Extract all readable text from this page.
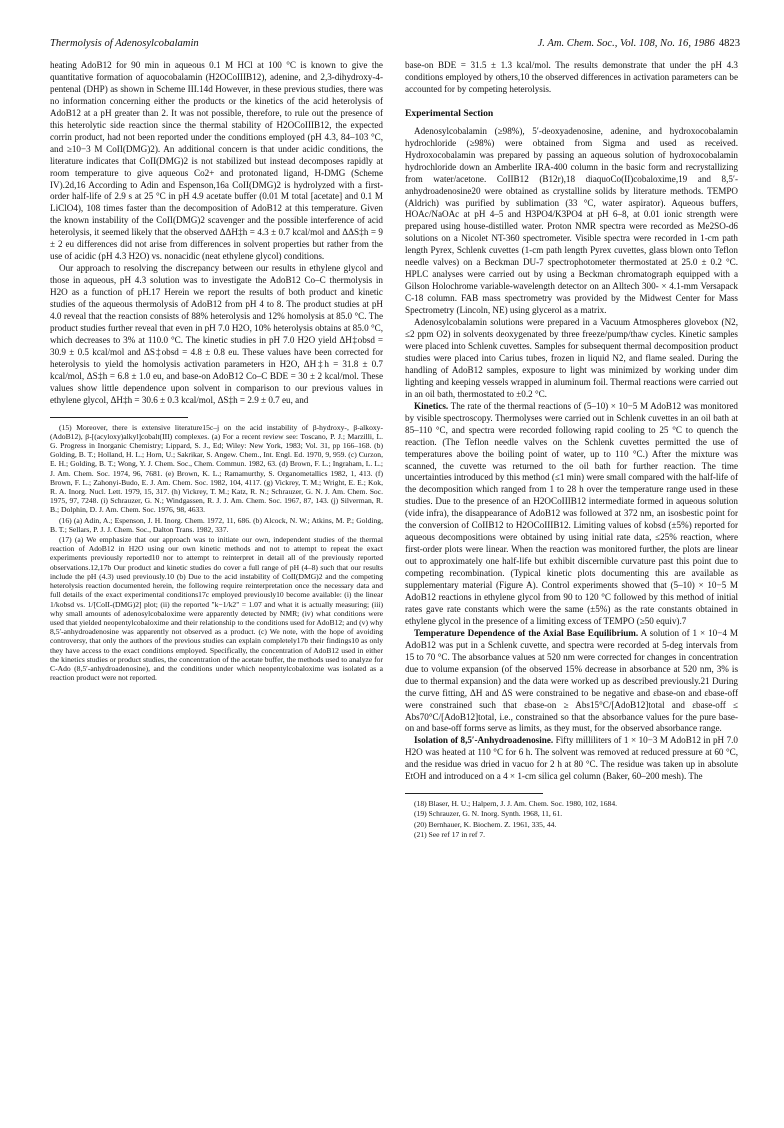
Thermolysis of Adenosylcobalamin	J. Am. Chem. Soc., Vol. 108, No. 16, 1986 4823

heating AdoB12 for 90 min in aqueous 0.1 M HCl at 100 °C is known to give the quantitative formation of aquocobalamin (H2OCoIIIB12), adenine, and 2,3-dihydroxy-4-pentenal (DHP) as shown in Scheme III.14d However, in these previous studies, there was no information concerning either the products or the kinetics of the acid heterolysis of AdoB12 at a pH greater than 2. It was not possible, therefore, to rule out the presence of this heterolytic side reaction since the thermal stability of H2OCoIIIB12, the expected corrin product, had not been reported under the conditions employed (pH 4.3, 84–103 °C, and ≥10−3 M CoII(DMG)2). An additional concern is that under acidic conditions, the literature indicates that CoII(DMG)2 is not stabilized but instead decomposes rapidly at room temperature to give aqueous Co2+ and protonated ligand, H-DMG (Scheme IV).2d,16 According to Adin and Espenson,16a CoII(DMG)2 is hydrolyzed with a first-order half-life of 2.9 s at 25 °C in pH 4.9 acetate buffer (0.01 M total [acetate] and 0.1 M LiClO4), 108 times faster than the decomposition of AdoB12 at this temperature. Given the known instability of the CoII(DMG)2 scavenger and the possible interference of acid heterolysis, it seemed likely that the observed ΔΔH‡h = 4.3 ± 0.7 kcal/mol and ΔΔS‡h = 9 ± 2 eu differences did not arise from differences in solvent properties but rather from the use of acidic (pH 4.3 H2O) vs. nonacidic (neat ethylene glycol) conditions.

Our approach to resolving the discrepancy between our results in ethylene glycol and those in aqueous, pH 4.3 solution was to investigate the AdoB12 Co–C thermolysis in H2O as a function of pH.17 Herein we report the results of both product and kinetic studies of the aqueous thermolysis of AdoB12 from pH 4 to 8. The product studies at pH 4.0 reveal that the reaction consists of 88% heterolysis and 12% homolysis at 85.0 °C. The product studies further reveal that even in pH 7.0 H2O, 10% heterolysis obtains at 85.0 °C, which decreases to 3% at 110.0 °C. The kinetic studies in pH 7.0 H2O yield ΔH‡obsd = 30.9 ± 0.5 kcal/mol and ΔS‡obsd = 4.8 ± 0.8 eu. These values have been corrected for heterolysis to yield the homolysis activation parameters in H2O, ΔH‡h = 31.8 ± 0.7 kcal/mol, ΔS‡h = 6.8 ± 1.0 eu, and base-on AdoB12 Co–C BDE = 30 ± 2 kcal/mol. These values show little dependence upon solvent in comparison to our previous values in ethylene glycol, ΔH‡h = 30.6 ± 0.3 kcal/mol, ΔS‡h = 2.9 ± 0.7 eu, and

(15) Moreover, there is extensive literature15c–j on the acid instability of β-hydroxy-, β-alkoxy- (AdoB12), β-[(acyloxy)alkyl]cobalt(III) complexes. (a) For a recent review see: Toscano, P. J.; Marzilli, L. G. Progress in Inorganic Chemistry; Lippard, S. J., Ed; Wiley: New York, 1983; Vol. 31, pp 166–168. (b) Golding, B. T.; Holland, H. L.; Horn, U.; Sakrikar, S. Angew. Chem., Int. Engl. Ed. 1970, 9, 959. (c) Curzon, E. H.; Golding, B. T.; Wong, Y. J. Chem. Soc., Chem. Commun. 1982, 63. (d) Brown, F. L.; Ingraham, L. L.; J. Am. Chem. Soc. 1974, 96, 7681. (e) Brown, K. L.; Ramamurthy, S. Organometallics 1982, 1, 413. (f) Brown, F. L.; Zahonyi-Budo, E. J. Am. Chem. Soc. 1982, 104, 4117. (g) Vickrey, T. M.; Wright, E. E.; Kok, R. A. Inorg. Nucl. Lett. 1979, 15, 317. (h) Vickrey, T. M.; Katz, R. N.; Schrauzer, G. N. J. Am. Chem. Soc. 1975, 97, 7248. (i) Schrauzer, G. N.; Windgassen, R. J. J. Am. Chem. Soc. 1967, 87, 143. (j) Silverman, R. B.; Dolphin, D. J. Am. Chem. Soc. 1976, 98, 4633.

(16) (a) Adin, A.; Espenson, J. H. Inorg. Chem. 1972, 11, 686. (b) Alcock, N. W.; Atkins, M. P.; Golding, B. T.; Sellars, P. J. J. Chem. Soc., Dalton Trans. 1982, 337.

(17) (a) We emphasize that our approach was to initiate our own, independent studies of the thermal reaction of AdoB12 in H2O using our own kinetic methods and not to attempt to repeat the exact experiments previously reported10 nor to attempt to reinterpret in detail all of the previously reported observations.12,17b Our product and kinetic studies do cover a full range of pH (4–8) such that our results include the pH (4.3) used previously.10 (b) Due to the acid instability of CoII(DMG)2 and the competing heterolysis reaction documented herein, the following require reinterpretation once the necessary data and full details of the exact experimental conditions17c employed previously10 become available: (i) the linear 1/kobsd vs. 1/[CoII-(DMG)2] plot; (ii) the reported "k−1/k2" = 1.07 and what it is actually measuring; (iii) why small amounts of adenosylcobaloxime were apparently detected by NMR; (iv) what conditions were used that yielded neopentylcobaloxime and their relationship to the conditions used for AdoB12; and (v) why 8,5′-anhydroadenosine was apparently not observed as a product. (c) We note, with the hope of avoiding controversy, that only the authors of the previous studies can explain completely17b their findings10 as only they have access to the exact conditions employed. Specifically, the concentration of AdoB12 used in either the kinetics studies or product studies, the concentration of the acetate buffer, the methods used to analyze for C-Ado (8,5′-anhydroadenosine), and the conditions under which neopentylcobaloxime was isolated as a reaction product were not reported.

base-on BDE = 31.5 ± 1.3 kcal/mol. The results demonstrate that under the pH 4.3 conditions employed by others,10 the observed differences in activation parameters can be accounted for by competing heterolysis.

Experimental Section

Adenosylcobalamin (≥98%), 5′-deoxyadenosine, adenine, and hydroxocobalamin hydrochloride (≥98%) were obtained from Sigma and used as received. Hydroxocobalamin was prepared by passing an aqueous solution of hydroxocobalamin hydrochloride down an Amberlite IRA-400 column in the basic form and recrystallizing from water/acetone. CoIIB12 (B12r),18 diaquoCo(II)cobaloxime,19 and 8,5′-anhydroadenosine20 were obtained as crystalline solids by literature methods. TEMPO (Aldrich) was purified by sublimation (33 °C, water aspirator). Aqueous buffers, HOAc/NaOAc at pH 4–5 and H3PO4/K3PO4 at pH 6–8, at 0.01 ionic strength were prepared using house-distilled water. Proton NMR spectra were recorded as Me2SO-d6 solutions on a Nicolet NT-360 spectrometer. Visible spectra were recorded in 1-cm path length Pyrex, Schlenk cuvettes (1-cm path length Pyrex cuvettes, glass blown onto Teflon needle valves) on a Beckman DU-7 spectrophotometer thermostated at 25.0 ± 0.2 °C. HPLC analyses were carried out by using a Beckman chromatograph equipped with a Gilson Holochrome variable-wavelength detector on an Alltech 300- × 4.1-mm Versapack C-18 column. FAB mass spectrometry was provided by the Midwest Center for Mass Spectrometry (Lincoln, NE) using glycerol as a matrix.

Adenosylcobalamin solutions were prepared in a Vacuum Atmospheres glovebox (N2, ≤2 ppm O2) in solvents deoxygenated by three freeze/pump/thaw cycles. Kinetic samples were placed into Schlenk cuvettes. Samples for subsequent thermal decomposition product studies were placed into Carius tubes, frozen in liquid N2, and flame sealed. During the handling of AdoB12 samples, exposure to light was minimized by working under dim lighting and keeping vessels wrapped in aluminum foil. Thermal reactions were carried out in an oil bath, thermostated to ±0.2 °C.

Kinetics. The rate of the thermal reactions of (5–10) × 10−5 M AdoB12 was monitored by visible spectroscopy. Thermolyses were carried out in Schlenk cuvettes in an oil bath at 85–110 °C, and spectra were recorded following rapid cooling to 25 °C to quench the reaction. (The Teflon needle valves on the Schlenk cuvettes permitted the use of temperatures above the boiling point of water, up to 110 °C.) After the mixture was scanned, the cuvette was returned to the oil bath for further reaction. The time uncertainties introduced by this method (≤1 min) were small compared with the half-life of the decomposition which ranged from 1 to 28 h over the temperature range used in these studies. Due to the presence of an H2OCoIIIB12 intermediate formed in aqueous solution (vide infra), the disappearance of AdoB12 was followed at 372 nm, an isosbestic point for the conversion of CoIIB12 to H2OCoIIIB12. Limiting values of kobsd (±5%) reported for aqueous decompositions were obtained by using initial rate data, ≤25% reaction, where first-order plots were linear. When the reaction was monitored further, the plots are linear out to approximately one half-life but exhibit discernible curvature past this point due to competing recombination. (Typical kinetic plots documenting this are available as supplementary material (Figure A). Control experiments showed that (5–10) × 10−5 M AdoB12 reactions in ethylene glycol from 90 to 120 °C followed by this method of initial rates gave rate constants which were the same (±5%) as the rate constants obtained in ethylene glycol in the presence of a limiting excess of TEMPO (≥50 equiv).7

Temperature Dependence of the Axial Base Equilibrium. A solution of 1 × 10−4 M AdoB12 was put in a Schlenk cuvette, and spectra were recorded at 5-deg intervals from 15 to 70 °C. The absorbance values at 520 nm were corrected for changes in concentration due to volume expansion (of the observed 15% decrease in absorbance at 520 nm, 3% is due to thermal expansion) and the data were worked up as described previously.21 During the curve fitting, ΔH and ΔS were constrained to be negative and εbase-on and εbase-off were constrained such that εbase-on ≥ Abs15°C/[AdoB12]total and εbase-off ≤ Abs70°C/[AdoB12]total, i.e., constrained so that the absorbance values for the pure base-on and base-off forms serve as limits, as they must, for the observed absorbance range.

Isolation of 8,5′-Anhydroadenosine. Fifty milliliters of 1 × 10−3 M AdoB12 in pH 7.0 H2O was heated at 110 °C for 6 h. The solvent was removed at reduced pressure at 60 °C, and the residue was dried in vacuo for 2 h at 80 °C. The residue was taken up in absolute EtOH and introduced on a 4 × 1-cm silica gel column (Baker, 60–200 mesh). The

(18) Blaser, H. U.; Halpern, J. J. Am. Chem. Soc. 1980, 102, 1684.

(19) Schrauzer, G. N. Inorg. Synth. 1968, 11, 61.

(20) Bernhauer, K. Biochem. Z. 1961, 335, 44.

(21) See ref 17 in ref 7.
